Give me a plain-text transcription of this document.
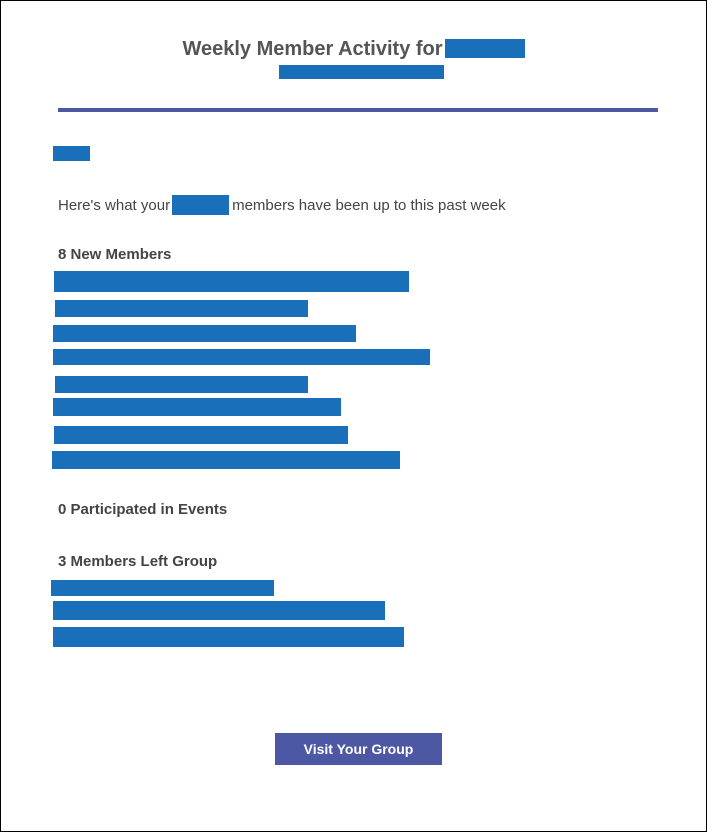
Weekly Member Activity for
Here's what your	members have been up to this past week
8 New Members
0 Participated in Events
3 Members Left Group
Visit Your Group
